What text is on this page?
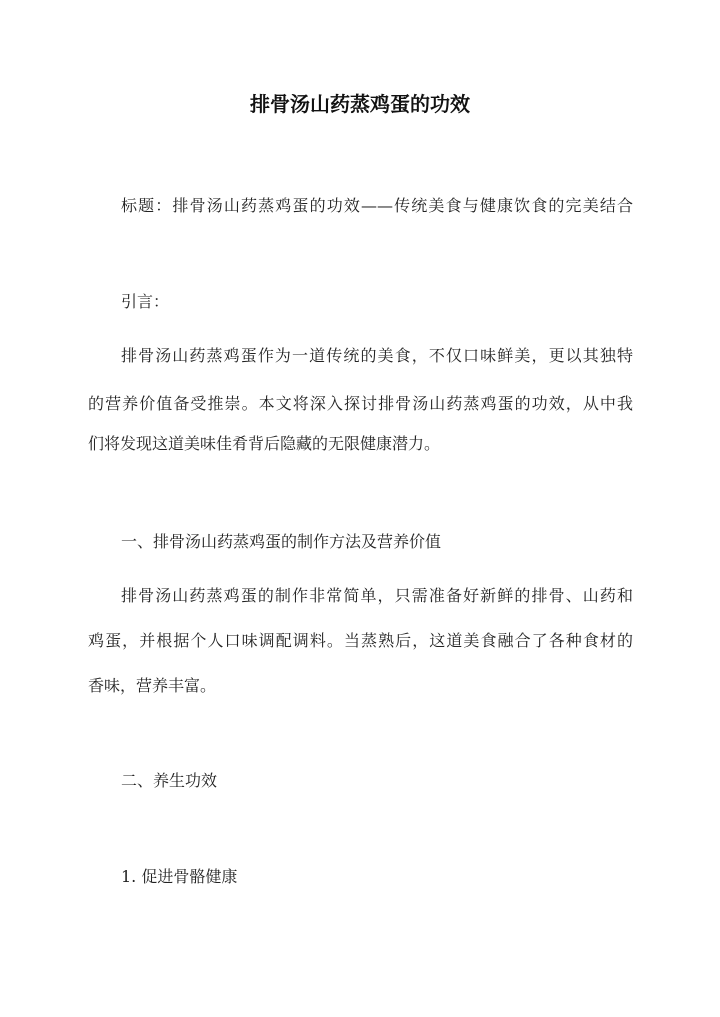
排骨汤山药蒸鸡蛋的功效

标题：排骨汤山药蒸鸡蛋的功效——传统美食与健康饮食的完美结合

引言：

排骨汤山药蒸鸡蛋作为一道传统的美食，不仅口味鲜美，更以其独特

的营养价值备受推崇。本文将深入探讨排骨汤山药蒸鸡蛋的功效，从中我

们将发现这道美味佳肴背后隐藏的无限健康潜力。

一、排骨汤山药蒸鸡蛋的制作方法及营养价值

排骨汤山药蒸鸡蛋的制作非常简单，只需准备好新鲜的排骨、山药和

鸡蛋，并根据个人口味调配调料。当蒸熟后，这道美食融合了各种食材的

香味，营养丰富。

二、养生功效

1. 促进骨骼健康
